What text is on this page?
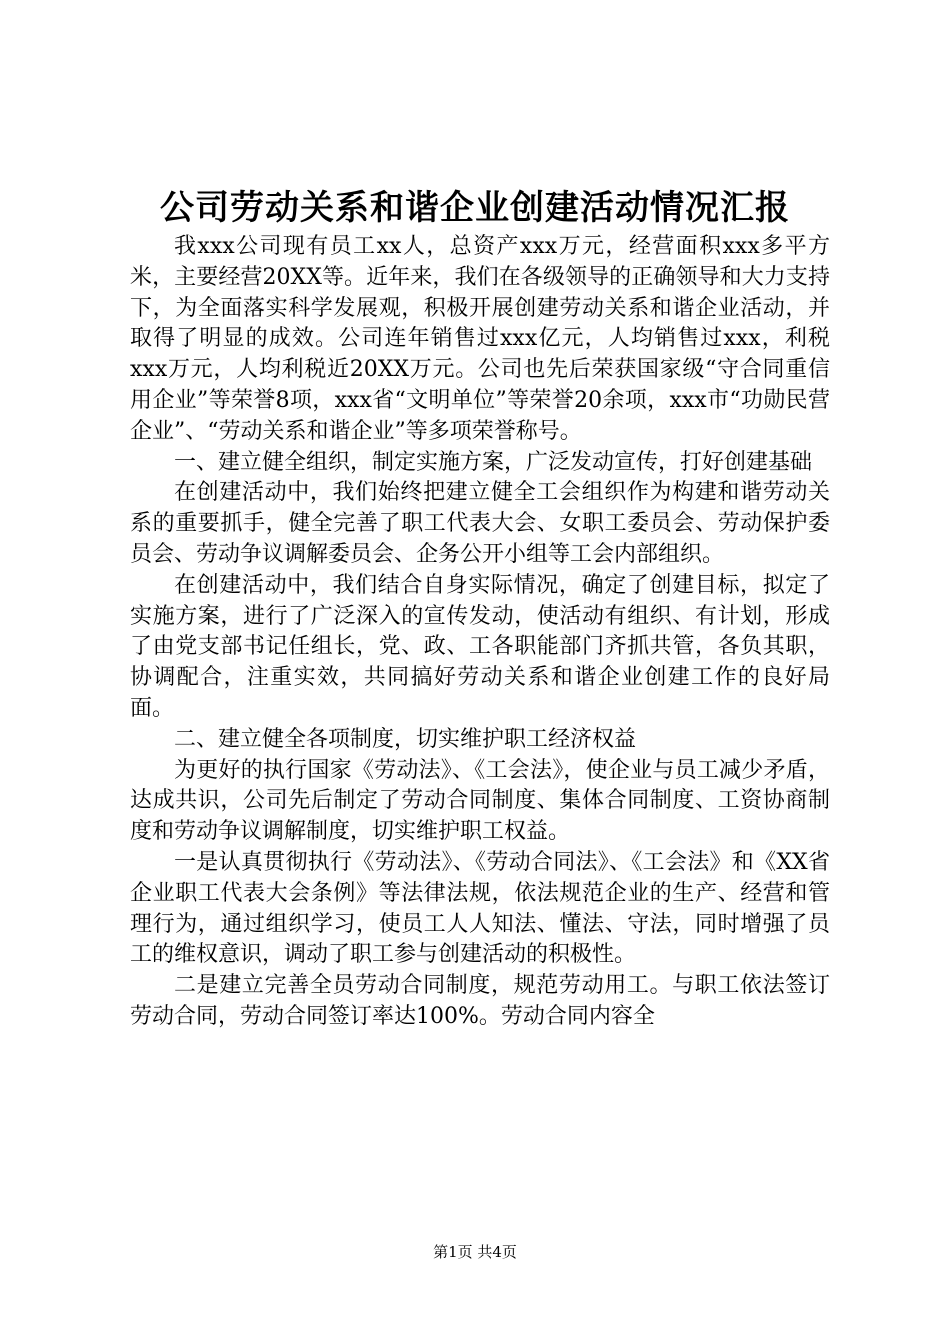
公司劳动关系和谐企业创建活动情况汇报

我xxx公司现有员工xx人，总资产xxx万元，经营面积xxx多平方米，主要经营20XX等。近年来，我们在各级领导的正确领导和大力支持下，为全面落实科学发展观，积极开展创建劳动关系和谐企业活动，并取得了明显的成效。公司连年销售过xxx亿元，人均销售过xxx，利税xxx万元，人均利税近20XX万元。公司也先后荣获国家级“守合同重信用企业”等荣誉8项，xxx省“文明单位”等荣誉20余项，xxx市“功勋民营企业”、“劳动关系和谐企业”等多项荣誉称号。

一、建立健全组织，制定实施方案，广泛发动宣传，打好创建基础

在创建活动中，我们始终把建立健全工会组织作为构建和谐劳动关系的重要抓手，健全完善了职工代表大会、女职工委员会、劳动保护委员会、劳动争议调解委员会、企务公开小组等工会内部组织。

在创建活动中，我们结合自身实际情况，确定了创建目标，拟定了实施方案，进行了广泛深入的宣传发动，使活动有组织、有计划，形成了由党支部书记任组长，党、政、工各职能部门齐抓共管，各负其职，协调配合，注重实效，共同搞好劳动关系和谐企业创建工作的良好局面。

二、建立健全各项制度，切实维护职工经济权益

为更好的执行国家《劳动法》、《工会法》，使企业与员工减少矛盾，达成共识，公司先后制定了劳动合同制度、集体合同制度、工资协商制度和劳动争议调解制度，切实维护职工权益。

一是认真贯彻执行《劳动法》、《劳动合同法》、《工会法》和《XX省企业职工代表大会条例》等法律法规，依法规范企业的生产、经营和管理行为，通过组织学习，使员工人人知法、懂法、守法，同时增强了员工的维权意识，调动了职工参与创建活动的积极性。

二是建立完善全员劳动合同制度，规范劳动用工。与职工依法签订劳动合同，劳动合同签订率达100%。劳动合同内容全

第1页 共4页
